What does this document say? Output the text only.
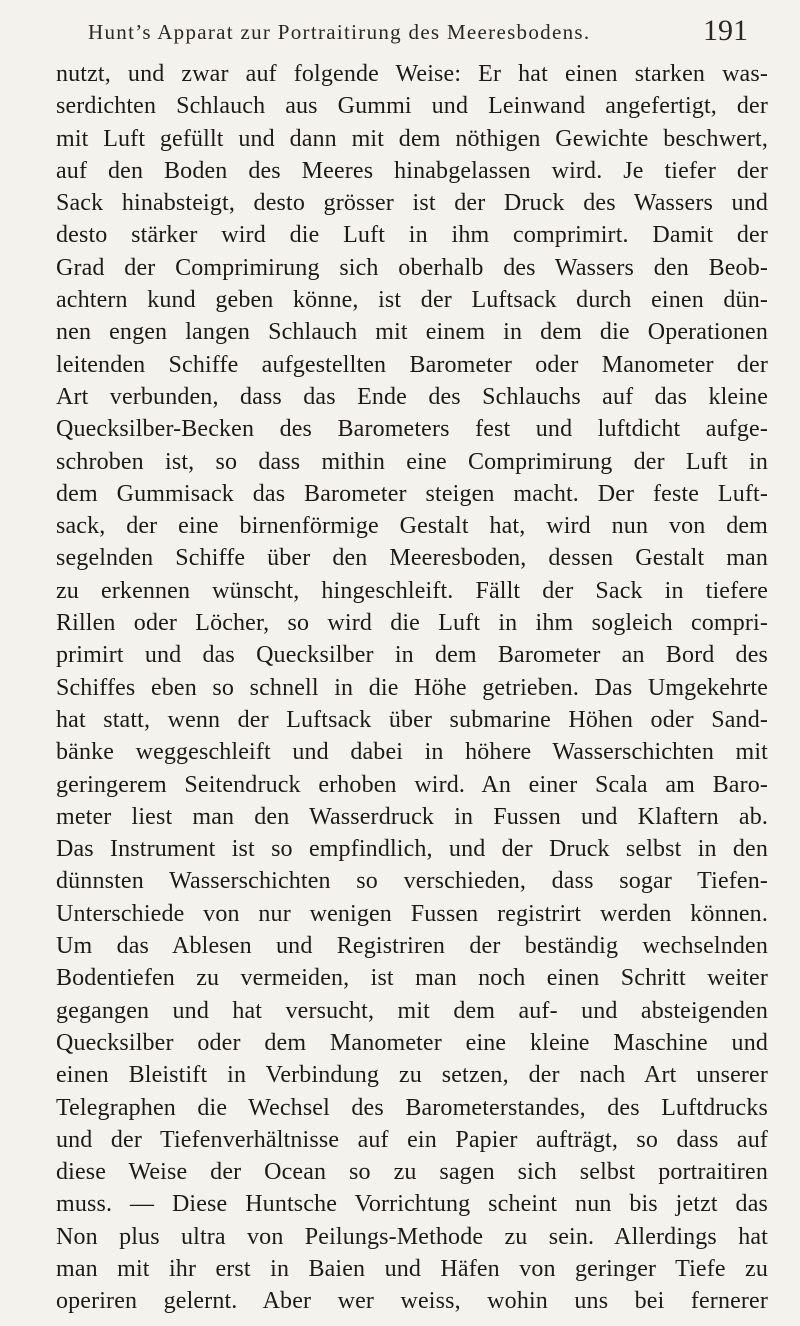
Hunt’s Apparat zur Portraitirung des Meeresbodens.	191
nutzt, und zwar auf folgende Weise: Er hat einen starken was-
serdichten Schlauch aus Gummi und Leinwand angefertigt, der
mit Luft gefüllt und dann mit dem nöthigen Gewichte beschwert,
auf den Boden des Meeres hinabgelassen wird. Je tiefer der
Sack hinabsteigt, desto grösser ist der Druck des Wassers und
desto stärker wird die Luft in ihm comprimirt. Damit der
Grad der Comprimirung sich oberhalb des Wassers den Beob-
achtern kund geben könne, ist der Luftsack durch einen dün-
nen engen langen Schlauch mit einem in dem die Operationen
leitenden Schiffe aufgestellten Barometer oder Manometer der
Art verbunden, dass das Ende des Schlauchs auf das kleine
Quecksilber-Becken des Barometers fest und luftdicht aufge-
schroben ist, so dass mithin eine Comprimirung der Luft in
dem Gummisack das Barometer steigen macht. Der feste Luft-
sack, der eine birnenförmige Gestalt hat, wird nun von dem
segelnden Schiffe über den Meeresboden, dessen Gestalt man
zu erkennen wünscht, hingeschleift. Fällt der Sack in tiefere
Rillen oder Löcher, so wird die Luft in ihm sogleich compri-
primirt und das Quecksilber in dem Barometer an Bord des
Schiffes eben so schnell in die Höhe getrieben. Das Umgekehrte
hat statt, wenn der Luftsack über submarine Höhen oder Sand-
bänke weggeschleift und dabei in höhere Wasserschichten mit
geringerem Seitendruck erhoben wird. An einer Scala am Baro-
meter liest man den Wasserdruck in Fussen und Klaftern ab.
Das Instrument ist so empfindlich, und der Druck selbst in den
dünnsten Wasserschichten so verschieden, dass sogar Tiefen-
Unterschiede von nur wenigen Fussen registrirt werden können.
Um das Ablesen und Registriren der beständig wechselnden
Bodentiefen zu vermeiden, ist man noch einen Schritt weiter
gegangen und hat versucht, mit dem auf- und absteigenden
Quecksilber oder dem Manometer eine kleine Maschine und
einen Bleistift in Verbindung zu setzen, der nach Art unserer
Telegraphen die Wechsel des Barometerstandes, des Luftdrucks
und der Tiefenverhältnisse auf ein Papier aufträgt, so dass auf
diese Weise der Ocean so zu sagen sich selbst portraitiren
muss. — Diese Huntsche Vorrichtung scheint nun bis jetzt das
Non plus ultra von Peilungs-Methode zu sein. Allerdings hat
man mit ihr erst in Baien und Häfen von geringer Tiefe zu
operiren gelernt. Aber wer weiss, wohin uns bei fernerer
